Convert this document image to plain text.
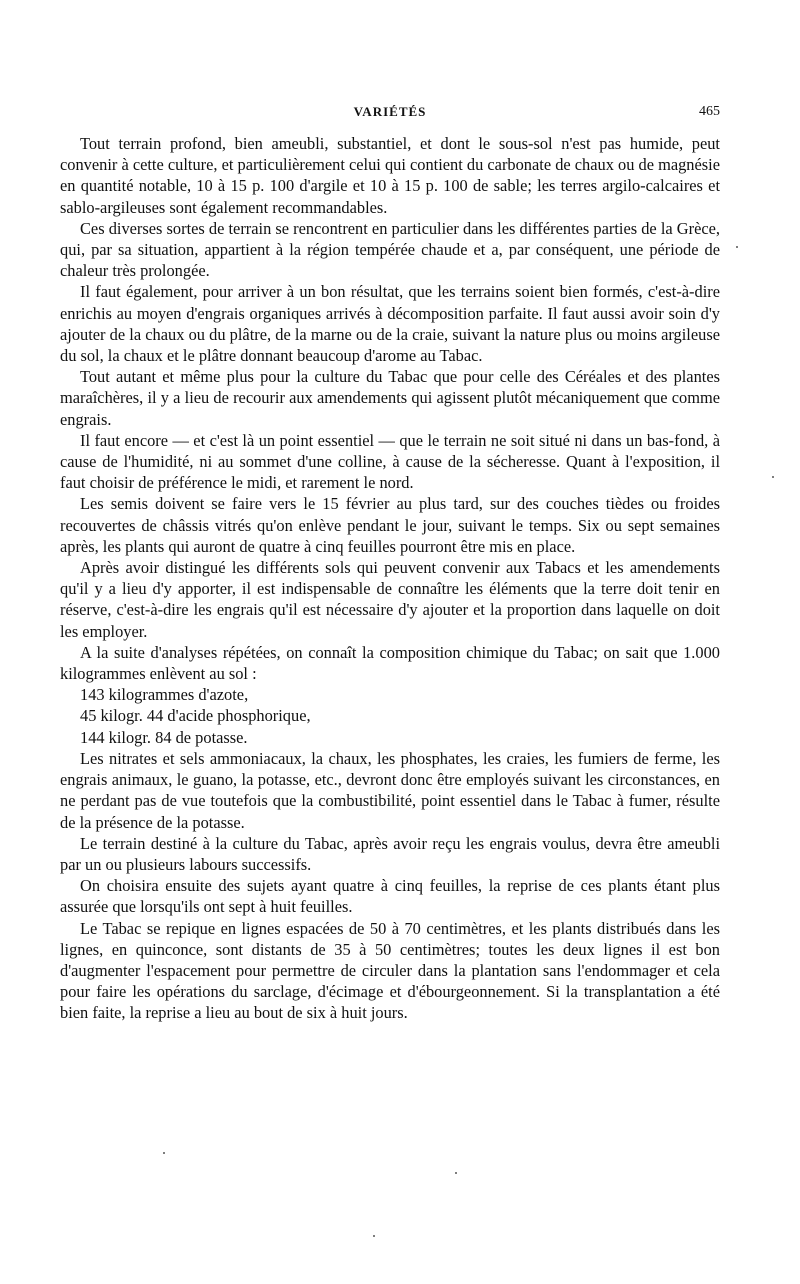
VARIÉTÉS	465

Tout terrain profond, bien ameubli, substantiel, et dont le sous-sol n'est pas humide, peut convenir à cette culture, et particulièrement celui qui contient du carbonate de chaux ou de magnésie en quantité notable, 10 à 15 p. 100 d'argile et 10 à 15 p. 100 de sable; les terres argilo-calcaires et sablo-argileuses sont également recommandables.

Ces diverses sortes de terrain se rencontrent en particulier dans les différentes parties de la Grèce, qui, par sa situation, appartient à la région tempérée chaude et a, par conséquent, une période de chaleur très prolongée.

Il faut également, pour arriver à un bon résultat, que les terrains soient bien formés, c'est-à-dire enrichis au moyen d'engrais organiques arrivés à décomposition parfaite. Il faut aussi avoir soin d'y ajouter de la chaux ou du plâtre, de la marne ou de la craie, suivant la nature plus ou moins argileuse du sol, la chaux et le plâtre donnant beaucoup d'arome au Tabac.

Tout autant et même plus pour la culture du Tabac que pour celle des Céréales et des plantes maraîchères, il y a lieu de recourir aux amendements qui agissent plutôt mécaniquement que comme engrais.

Il faut encore — et c'est là un point essentiel — que le terrain ne soit situé ni dans un bas-fond, à cause de l'humidité, ni au sommet d'une colline, à cause de la sécheresse. Quant à l'exposition, il faut choisir de préférence le midi, et rarement le nord.

Les semis doivent se faire vers le 15 février au plus tard, sur des couches tièdes ou froides recouvertes de châssis vitrés qu'on enlève pendant le jour, suivant le temps. Six ou sept semaines après, les plants qui auront de quatre à cinq feuilles pourront être mis en place.

Après avoir distingué les différents sols qui peuvent convenir aux Tabacs et les amendements qu'il y a lieu d'y apporter, il est indispensable de connaître les éléments que la terre doit tenir en réserve, c'est-à-dire les engrais qu'il est nécessaire d'y ajouter et la proportion dans laquelle on doit les employer.

A la suite d'analyses répétées, on connaît la composition chimique du Tabac; on sait que 1.000 kilogrammes enlèvent au sol :

143 kilogrammes d'azote,

45 kilogr. 44 d'acide phosphorique,

144 kilogr. 84 de potasse.

Les nitrates et sels ammoniacaux, la chaux, les phosphates, les craies, les fumiers de ferme, les engrais animaux, le guano, la potasse, etc., devront donc être employés suivant les circonstances, en ne perdant pas de vue toutefois que la combustibilité, point essentiel dans le Tabac à fumer, résulte de la présence de la potasse.

Le terrain destiné à la culture du Tabac, après avoir reçu les engrais voulus, devra être ameubli par un ou plusieurs labours successifs.

On choisira ensuite des sujets ayant quatre à cinq feuilles, la reprise de ces plants étant plus assurée que lorsqu'ils ont sept à huit feuilles.

Le Tabac se repique en lignes espacées de 50 à 70 centimètres, et les plants distribués dans les lignes, en quinconce, sont distants de 35 à 50 centimètres; toutes les deux lignes il est bon d'augmenter l'espacement pour permettre de circuler dans la plantation sans l'endommager et cela pour faire les opérations du sarclage, d'écimage et d'ébourgeonnement. Si la transplantation a été bien faite, la reprise a lieu au bout de six à huit jours.
